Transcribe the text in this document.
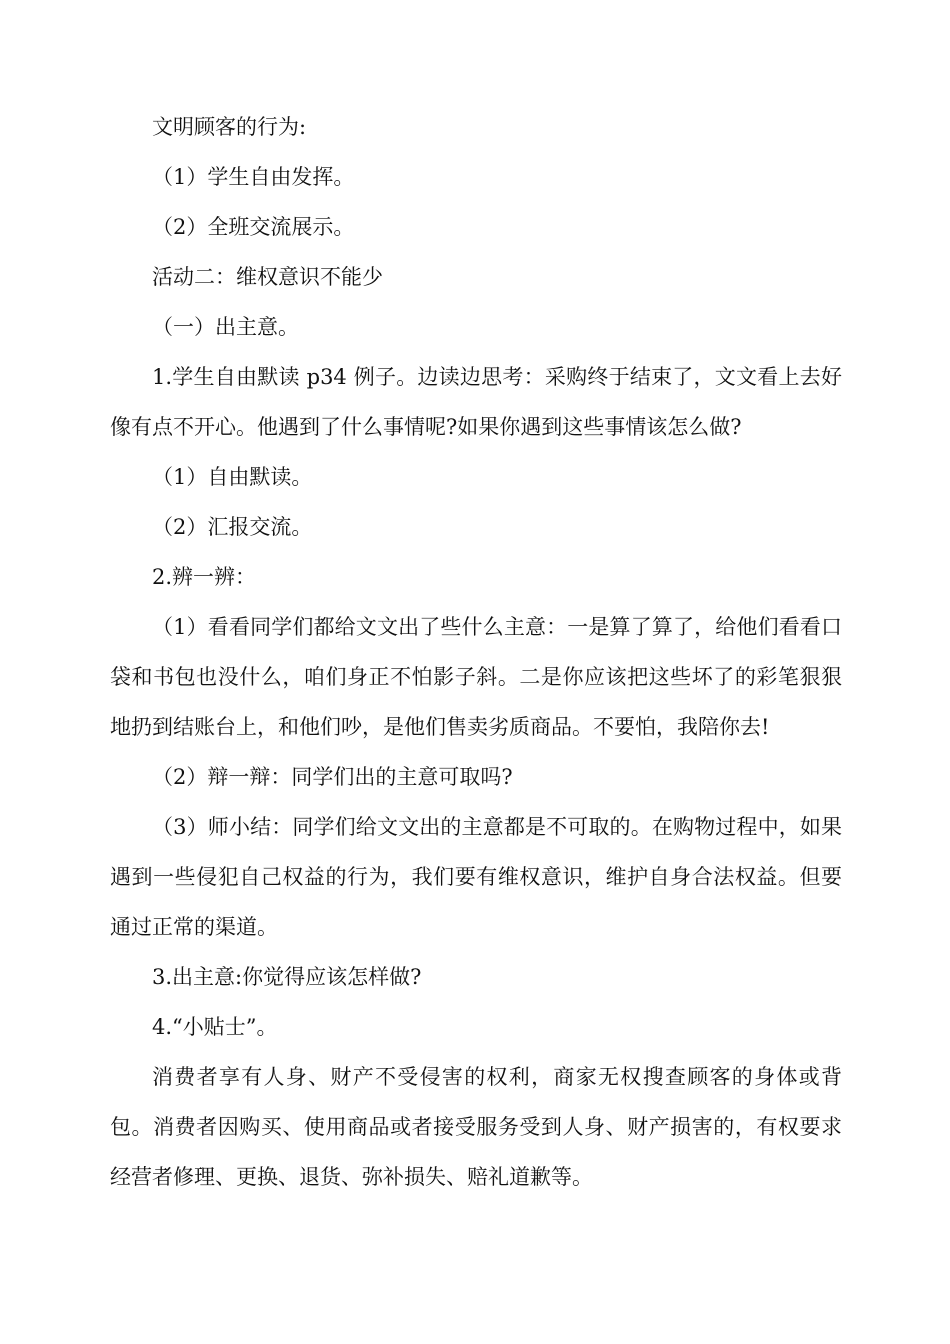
文明顾客的行为:

（1）学生自由发挥。

（2）全班交流展示。

活动二：维权意识不能少

（一）出主意。

1.学生自由默读 p34 例子。边读边思考：采购终于结束了，文文看上去好像有点不开心。他遇到了什么事情呢?如果你遇到这些事情该怎么做?

（1）自由默读。

（2）汇报交流。

2.辨一辨：

（1）看看同学们都给文文出了些什么主意：一是算了算了，给他们看看口袋和书包也没什么，咱们身正不怕影子斜。二是你应该把这些坏了的彩笔狠狠地扔到结账台上，和他们吵，是他们售卖劣质商品。不要怕，我陪你去!

（2）辩一辩：同学们出的主意可取吗?

（3）师小结：同学们给文文出的主意都是不可取的。在购物过程中，如果遇到一些侵犯自己权益的行为，我们要有维权意识，维护自身合法权益。但要通过正常的渠道。

3.出主意:你觉得应该怎样做?

4.“小贴士”。

消费者享有人身、财产不受侵害的权利，商家无权搜查顾客的身体或背包。消费者因购买、使用商品或者接受服务受到人身、财产损害的，有权要求经营者修理、更换、退货、弥补损失、赔礼道歉等。
